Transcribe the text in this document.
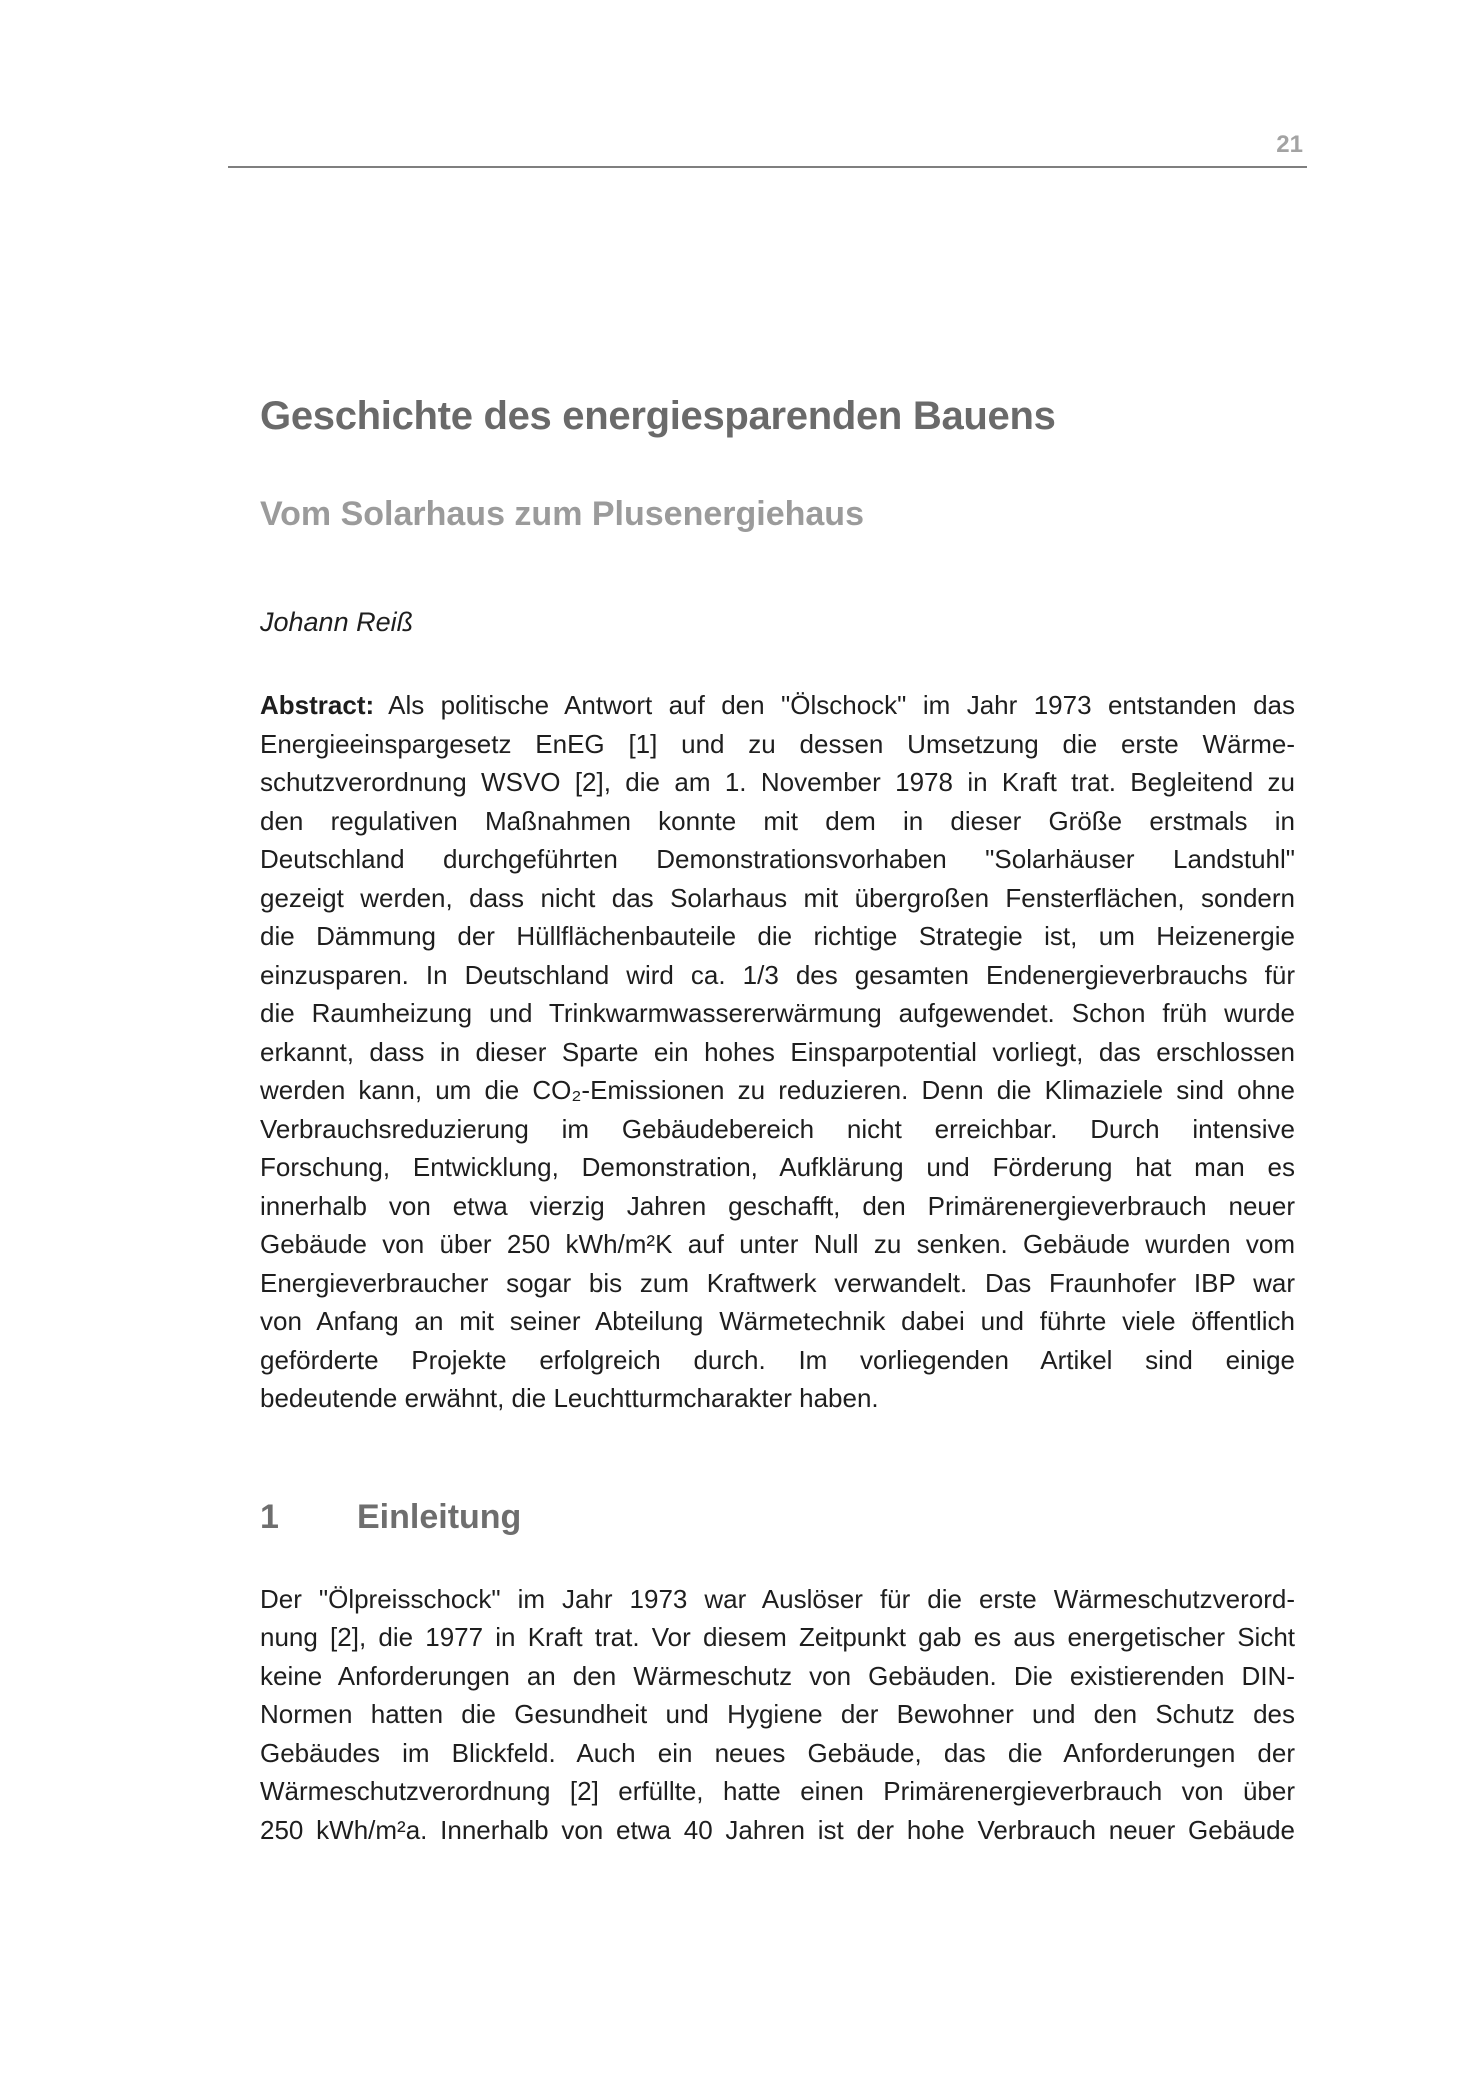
21
Geschichte des energiesparenden Bauens
Vom Solarhaus zum Plusenergiehaus
Johann Reiß
Abstract: Als politische Antwort auf den "Ölschock" im Jahr 1973 entstanden das
Energieeinspargesetz EnEG [1] und zu dessen Umsetzung die erste Wärme-
schutzverordnung WSVO [2], die am 1. November 1978 in Kraft trat. Begleitend zu
den regulativen Maßnahmen konnte mit dem in dieser Größe erstmals in
Deutschland durchgeführten Demonstrationsvorhaben "Solarhäuser Landstuhl"
gezeigt werden, dass nicht das Solarhaus mit übergroßen Fensterflächen, sondern
die Dämmung der Hüllflächenbauteile die richtige Strategie ist, um Heizenergie
einzusparen. In Deutschland wird ca. 1/3 des gesamten Endenergieverbrauchs für
die Raumheizung und Trinkwarmwassererwärmung aufgewendet. Schon früh wurde
erkannt, dass in dieser Sparte ein hohes Einsparpotential vorliegt, das erschlossen
werden kann, um die CO₂-Emissionen zu reduzieren. Denn die Klimaziele sind ohne
Verbrauchsreduzierung im Gebäudebereich nicht erreichbar. Durch intensive
Forschung, Entwicklung, Demonstration, Aufklärung und Förderung hat man es
innerhalb von etwa vierzig Jahren geschafft, den Primärenergieverbrauch neuer
Gebäude von über 250 kWh/m²K auf unter Null zu senken. Gebäude wurden vom
Energieverbraucher sogar bis zum Kraftwerk verwandelt. Das Fraunhofer IBP war
von Anfang an mit seiner Abteilung Wärmetechnik dabei und führte viele öffentlich
geförderte Projekte erfolgreich durch. Im vorliegenden Artikel sind einige
bedeutende erwähnt, die Leuchtturmcharakter haben.
1	Einleitung
Der "Ölpreisschock" im Jahr 1973 war Auslöser für die erste Wärmeschutzverord-
nung [2], die 1977 in Kraft trat. Vor diesem Zeitpunkt gab es aus energetischer Sicht
keine Anforderungen an den Wärmeschutz von Gebäuden. Die existierenden DIN-
Normen hatten die Gesundheit und Hygiene der Bewohner und den Schutz des
Gebäudes im Blickfeld. Auch ein neues Gebäude, das die Anforderungen der
Wärmeschutzverordnung [2] erfüllte, hatte einen Primärenergieverbrauch von über
250 kWh/m²a. Innerhalb von etwa 40 Jahren ist der hohe Verbrauch neuer Gebäude
